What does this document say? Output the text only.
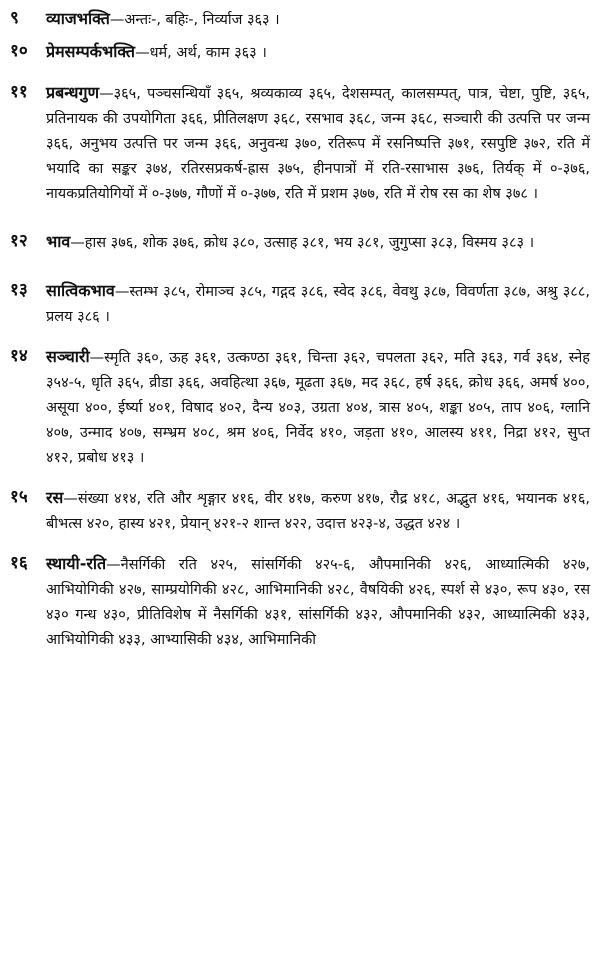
९	व्याजभक्ति—अन्तः-, बहिः-, निर्व्याज ३६३ ।
१०	प्रेमसम्पर्कभक्ति—धर्म, अर्थ, काम ३६३ ।
११	प्रबन्धगुण—३६५, पञ्चसन्धियाँ ३६५, श्रव्यकाव्य ३६५, देशसम्पत्, कालसम्पत्, पात्र, चेष्टा, पुष्टि, ३६५, प्रतिनायक की उपयोगिता ३६६, प्रीतिलक्षण ३६८, रसभाव ३६८, जन्म ३६८, सञ्चारी की उत्पत्ति पर जन्म ३६६, अनुभय उत्पत्ति पर जन्म ३६६, अनुवन्ध ३७०, रतिरूप में रसनिष्पत्ति ३७१, रसपुष्टि ३७२, रति में भयादि का सङ्कर ३७४, रतिरसप्रकर्ष-ह्रास ३७५, हीनपात्रों में रति-रसाभास ३७६, तिर्यक् में ०-३७६, नायकप्रतियोगियों में ०-३७७, गौणों में ०-३७७, रति में प्रशम ३७७, रति में रोष रस का शेष ३७८ ।
१२	भाव—हास ३७६, शोक ३७६, क्रोध ३८०, उत्साह ३८१, भय ३८१, जुगुप्सा ३८३, विस्मय ३८३ ।
१३	सात्विकभाव—स्तम्भ ३८५, रोमाञ्च ३८५, गद्गद ३८६, स्वेद ३८६, वेवथु ३८७, विवर्णता ३८७, अश्रु ३८८, प्रलय ३८६ ।
१४	सञ्चारी—स्मृति ३६०, ऊह ३६१, उत्कण्ठा ३६१, चिन्ता ३६२, चपलता ३६२, मति ३६३, गर्व ३६४, स्नेह ३५४-५, धृति ३६५, व्रीडा ३६६, अवहित्था ३६७, मूढता ३६७, मद ३६८, हर्ष ३६६, क्रोध ३६६, अमर्ष ४००, असूया ४००, ईर्ष्या ४०१, विषाद ४०२, दैन्य ४०३, उग्रता ४०४, त्रास ४०५, शङ्का ४०५, ताप ४०६, ग्लानि ४०७, उन्माद ४०७, सम्भ्रम ४०८, श्रम ४०६, निर्वेद ४१०, जड़ता ४१०, आलस्य ४११, निद्रा ४१२, सुप्त ४१२, प्रबोध ४१३ ।
१५	रस—संख्या ४१४, रति और शृङ्गार ४१६, वीर ४१७, करुण ४१७, रौद्र ४१८, अद्भुत ४१६, भयानक ४१६, बीभत्स ४२०, हास्य ४२१, प्रेयान् ४२१-२ शान्त ४२२, उदात्त ४२३-४, उद्धत ४२४ ।
१६	स्थायी-रति—नैसर्गिकी रति ४२५, सांसर्गिकी ४२५-६, औपमानिकी ४२६, आध्यात्मिकी ४२७, आभियोगिकी ४२७, साम्प्रयोगिकी ४२८, आभिमानिकी ४२८, वैषयिकी ४२६, स्पर्श से ४३०, रूप ४३०, रस ४३० गन्ध ४३०, प्रीतिविशेष में नैसर्गिकी ४३१, सांसर्गिकी ४३२, औपमानिकी ४३२, आध्यात्मिकी ४३३, आभियोगिकी ४३३, आभ्यासिकी ४३४, आभिमानिकी
